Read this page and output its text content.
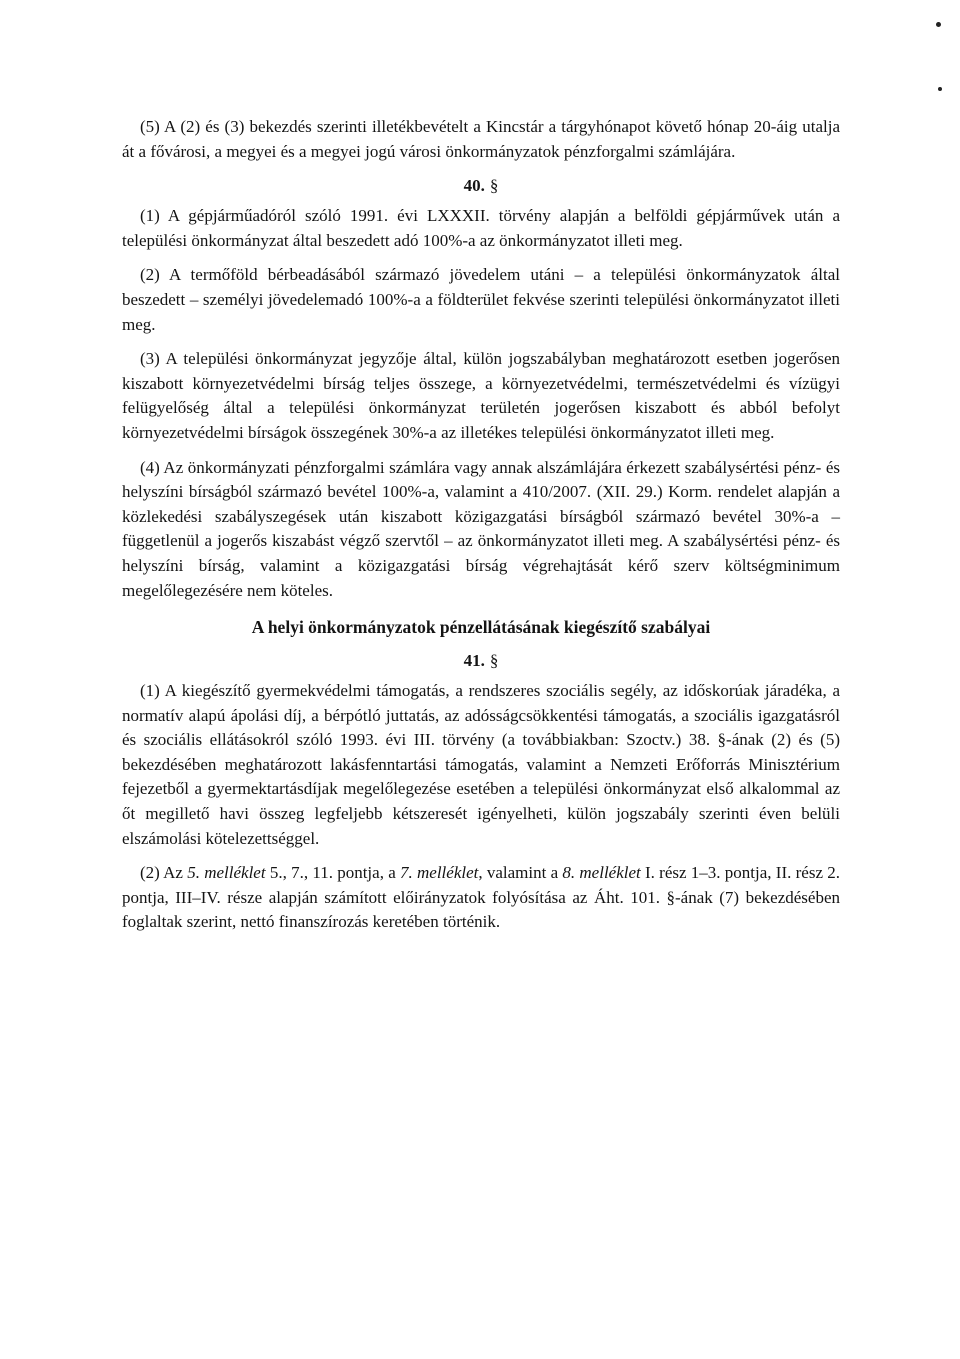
(5) A (2) és (3) bekezdés szerinti illetékbevételt a Kincstár a tárgyhónapot követő hónap 20-áig utalja át a fővárosi, a megyei és a megyei jogú városi önkormányzatok pénzforgalmi számlájára.

40. §

(1) A gépjárműadóról szóló 1991. évi LXXXII. törvény alapján a belföldi gépjárművek után a települési önkormányzat által beszedett adó 100%-a az önkormányzatot illeti meg.

(2) A termőföld bérbeadásából származó jövedelem utáni – a települési önkormányzatok által beszedett – személyi jövedelemadó 100%-a a földterület fekvése szerinti települési önkormányzatot illeti meg.

(3) A települési önkormányzat jegyzője által, külön jogszabályban meghatározott esetben jogerősen kiszabott környezetvédelmi bírság teljes összege, a környezetvédelmi, természetvédelmi és vízügyi felügyelőség által a települési önkormányzat területén jogerősen kiszabott és abból befolyt környezetvédelmi bírságok összegének 30%-a az illetékes települési önkormányzatot illeti meg.

(4) Az önkormányzati pénzforgalmi számlára vagy annak alszámlájára érkezett szabálysértési pénz- és helyszíni bírságból származó bevétel 100%-a, valamint a 410/2007. (XII. 29.) Korm. rendelet alapján a közlekedési szabályszegések után kiszabott közigazgatási bírságból származó bevétel 30%-a – függetlenül a jogerős kiszabást végző szervtől – az önkormányzatot illeti meg. A szabálysértési pénz- és helyszíni bírság, valamint a közigazgatási bírság végrehajtását kérő szerv költségminimum megelőlegezésére nem köteles.

A helyi önkormányzatok pénzellátásának kiegészítő szabályai
41. §

(1) A kiegészítő gyermekvédelmi támogatás, a rendszeres szociális segély, az időskorúak járadéka, a normatív alapú ápolási díj, a bérpótló juttatás, az adósságcsökkentési támogatás, a szociális igazgatásról és szociális ellátásokról szóló 1993. évi III. törvény (a továbbiakban: Szoctv.) 38. §-ának (2) és (5) bekezdésében meghatározott lakásfenntartási támogatás, valamint a Nemzeti Erőforrás Minisztérium fejezetből a gyermektartásdíjak megelőlegezése esetében a települési önkormányzat első alkalommal az őt megillető havi összeg legfeljebb kétszeresét igényelheti, külön jogszabály szerinti éven belüli elszámolási kötelezettséggel.

(2) Az 5. melléklet 5., 7., 11. pontja, a 7. melléklet, valamint a 8. melléklet I. rész 1–3. pontja, II. rész 2. pontja, III–IV. része alapján számított előirányzatok folyósítása az Áht. 101. §-ának (7) bekezdésében foglaltak szerint, nettó finanszírozás keretében történik.
